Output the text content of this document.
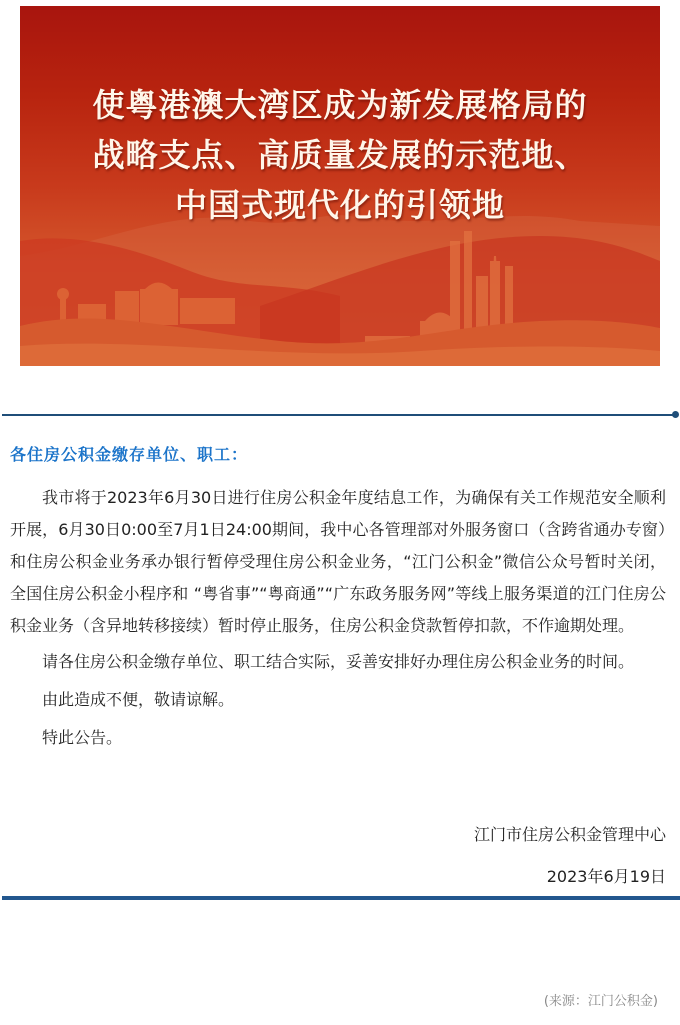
使粤港澳大湾区成为新发展格局的
战略支点、高质量发展的示范地、
中国式现代化的引领地
各住房公积金缴存单位、职工：

我市将于2023年6月30日进行住房公积金年度结息工作，为确保有关工作规范安全顺利开展，6月30日0:00至7月1日24:00期间，我中心各管理部对外服务窗口（含跨省通办专窗）和住房公积金业务承办银行暂停受理住房公积金业务，“江门公积金”微信公众号暂时关闭，全国住房公积金小程序和 “粤省事”“粤商通”“广东政务服务网”等线上服务渠道的江门住房公积金业务（含异地转移接续）暂时停止服务，住房公积金贷款暂停扣款，不作逾期处理。

请各住房公积金缴存单位、职工结合实际，妥善安排好办理住房公积金业务的时间。

由此造成不便，敬请谅解。

特此公告。

江门市住房公积金管理中心
2023年6月19日
(来源：江门公积金)
